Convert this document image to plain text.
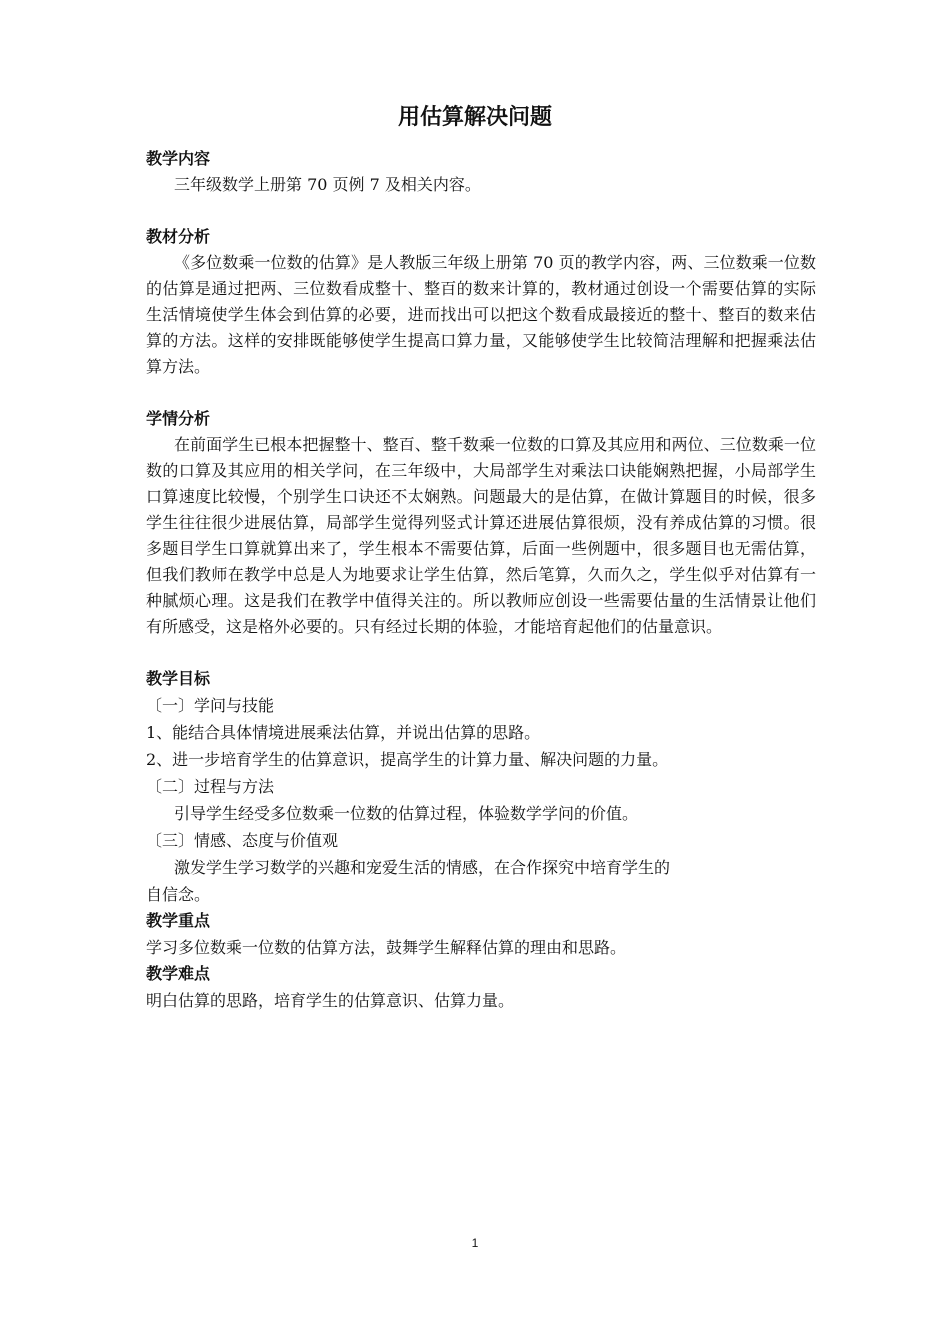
用估算解决问题

教学内容

三年级数学上册第 70 页例 7 及相关内容。

教材分析

《多位数乘一位数的估算》是人教版三年级上册第 70 页的教学内容，两、三位数乘一位数的估算是通过把两、三位数看成整十、整百的数来计算的，教材通过创设一个需要估算的实际生活情境使学生体会到估算的必要，进而找出可以把这个数看成最接近的整十、整百的数来估算的方法。这样的安排既能够使学生提高口算力量，又能够使学生比较简洁理解和把握乘法估算方法。

学情分析

在前面学生已根本把握整十、整百、整千数乘一位数的口算及其应用和两位、三位数乘一位数的口算及其应用的相关学问，在三年级中，大局部学生对乘法口诀能娴熟把握，小局部学生口算速度比较慢，个别学生口诀还不太娴熟。问题最大的是估算，在做计算题目的时候，很多学生往往很少进展估算，局部学生觉得列竖式计算还进展估算很烦，没有养成估算的习惯。很多题目学生口算就算出来了，学生根本不需要估算，后面一些例题中，很多题目也无需估算，但我们教师在教学中总是人为地要求让学生估算，然后笔算，久而久之，学生似乎对估算有一种腻烦心理。这是我们在教学中值得关注的。所以教师应创设一些需要估量的生活情景让他们有所感受，这是格外必要的。只有经过长期的体验，才能培育起他们的估量意识。

教学目标

〔一〕学问与技能

1、能结合具体情境进展乘法估算，并说出估算的思路。

2、进一步培育学生的估算意识，提高学生的计算力量、解决问题的力量。

〔二〕过程与方法

引导学生经受多位数乘一位数的估算过程，体验数学学问的价值。

〔三〕情感、态度与价值观

激发学生学习数学的兴趣和宠爱生活的情感，在合作探究中培育学生的

自信念。

教学重点

学习多位数乘一位数的估算方法，鼓舞学生解释估算的理由和思路。

教学难点

明白估算的思路，培育学生的估算意识、估算力量。

1
